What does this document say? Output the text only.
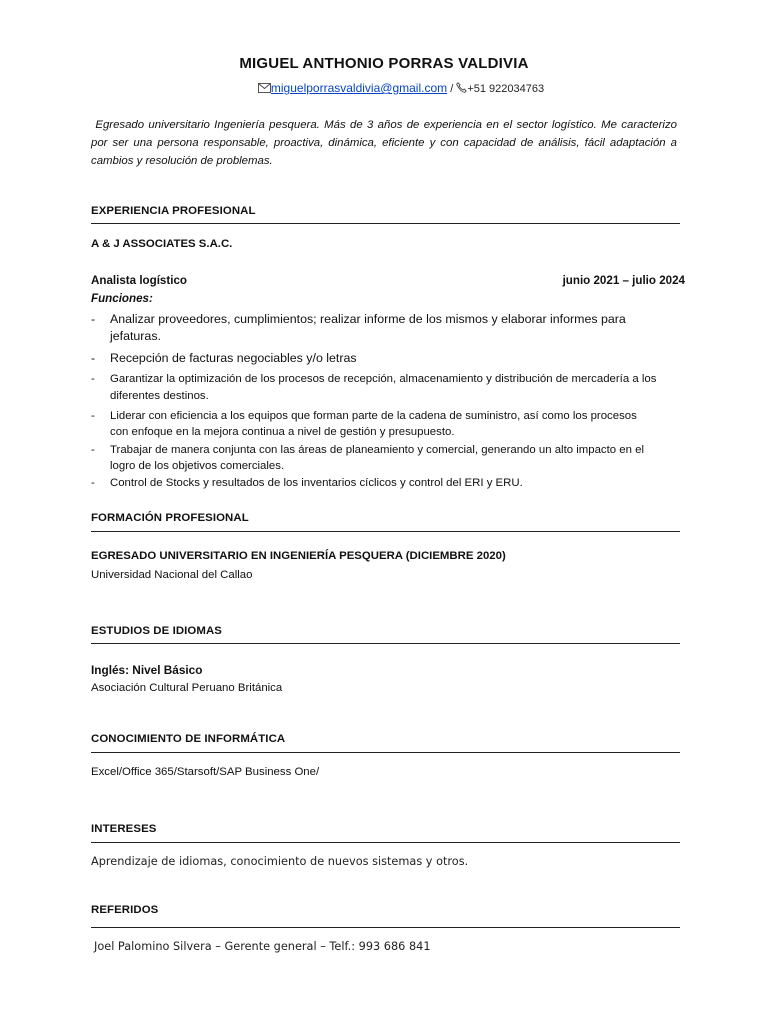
MIGUEL ANTHONIO PORRAS VALDIVIA
miguelporrasvaldivia@gmail.com / +51 922034763
Egresado universitario Ingeniería pesquera. Más de 3 años de experiencia en el sector logístico. Me caracterizo por ser una persona responsable, proactiva, dinámica, eficiente y con capacidad de análisis, fácil adaptación a cambios y resolución de problemas.
EXPERIENCIA PROFESIONAL
A & J ASSOCIATES S.A.C.
Analista logístico	junio 2021 – julio 2024
Funciones:
- Analizar proveedores, cumplimientos; realizar informe de los mismos y elaborar informes para jefaturas.
- Recepción de facturas negociables y/o letras
- Garantizar la optimización de los procesos de recepción, almacenamiento y distribución de mercadería a los diferentes destinos.
- Liderar con eficiencia a los equipos que forman parte de la cadena de suministro, así como los procesos con enfoque en la mejora continua a nivel de gestión y presupuesto.
- Trabajar de manera conjunta con las áreas de planeamiento y comercial, generando un alto impacto en el logro de los objetivos comerciales.
- Control de Stocks y resultados de los inventarios cíclicos y control del ERI y ERU.
FORMACIÓN PROFESIONAL
EGRESADO UNIVERSITARIO EN INGENIERÍA PESQUERA (DICIEMBRE 2020)
Universidad Nacional del Callao
ESTUDIOS DE IDIOMAS
Inglés: Nivel Básico
Asociación Cultural Peruano Británica
CONOCIMIENTO DE INFORMÁTICA
Excel/Office 365/Starsoft/SAP Business One/
INTERESES
Aprendizaje de idiomas, conocimiento de nuevos sistemas y otros.
REFERIDOS
Joel Palomino Silvera – Gerente general – Telf.: 993 686 841
